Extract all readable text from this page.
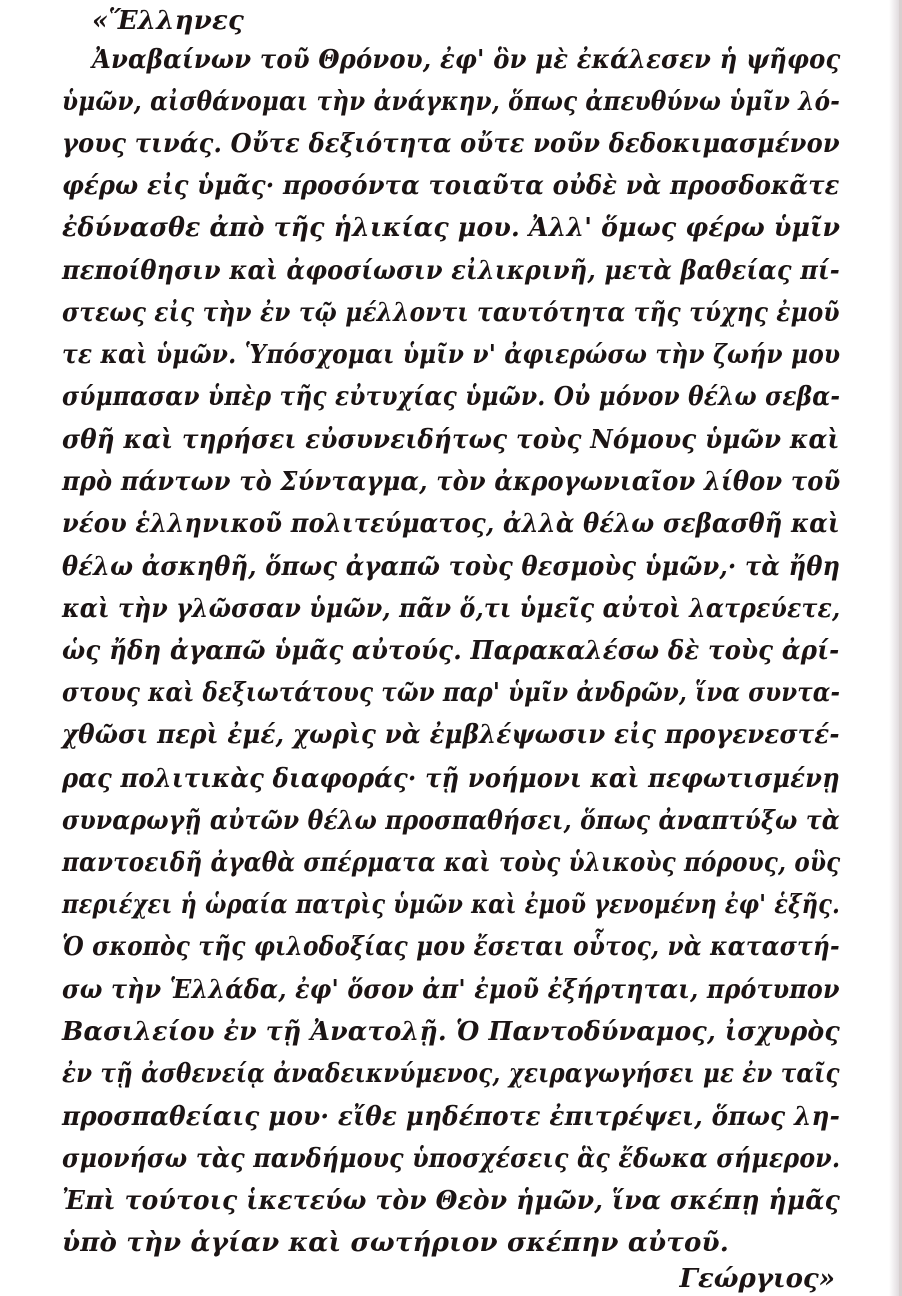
«Ἕλληνες
Ἀναβαίνων τοῦ Θρόνου, ἐφ' ὃν μὲ ἐκάλεσεν ἡ ψῆφος
ὑμῶν, αἰσθάνομαι τὴν ἀνάγκην, ὅπως ἀπευθύνω ὑμῖν λό-
γους τινάς. Οὔτε δεξιότητα οὔτε νοῦν δεδοκιμασμένον
φέρω εἰς ὑμᾶς· προσόντα τοιαῦτα οὐδὲ νὰ προσδοκᾶτε
ἐδύνασθε ἀπὸ τῆς ἡλικίας μου. Ἀλλ' ὅμως φέρω ὑμῖν
πεποίθησιν καὶ ἀφοσίωσιν εἰλικρινῆ, μετὰ βαθείας πί-
στεως εἰς τὴν ἐν τῷ μέλλοντι ταυτότητα τῆς τύχης ἐμοῦ
τε καὶ ὑμῶν. Ὑπόσχομαι ὑμῖν ν' ἀφιερώσω τὴν ζωήν μου
σύμπασαν ὑπὲρ τῆς εὐτυχίας ὑμῶν. Οὐ μόνον θέλω σεβα-
σθῆ καὶ τηρήσει εὐσυνειδήτως τοὺς Νόμους ὑμῶν καὶ
πρὸ πάντων τὸ Σύνταγμα, τὸν ἀκρογωνιαῖον λίθον τοῦ
νέου ἑλληνικοῦ πολιτεύματος, ἀλλὰ θέλω σεβασθῆ καὶ
θέλω ἀσκηθῆ, ὅπως ἀγαπῶ τοὺς θεσμοὺς ὑμῶν,· τὰ ἤθη
καὶ τὴν γλῶσσαν ὑμῶν, πᾶν ὅ,τι ὑμεῖς αὐτοὶ λατρεύετε,
ὡς ἤδη ἀγαπῶ ὑμᾶς αὐτούς. Παρακαλέσω δὲ τοὺς ἀρί-
στους καὶ δεξιωτάτους τῶν παρ' ὑμῖν ἀνδρῶν, ἵνα συντα-
χθῶσι περὶ ἐμέ, χωρὶς νὰ ἐμβλέψωσιν εἰς προγενεστέ-
ρας πολιτικὰς διαφοράς· τῇ νοήμονι καὶ πεφωτισμένῃ
συναρωγῇ αὐτῶν θέλω προσπαθήσει, ὅπως ἀναπτύξω τὰ
παντοειδῆ ἀγαθὰ σπέρματα καὶ τοὺς ὑλικοὺς πόρους, οὓς
περιέχει ἡ ὡραία πατρὶς ὑμῶν καὶ ἐμοῦ γενομένη ἐφ' ἑξῆς.
Ὁ σκοπὸς τῆς φιλοδοξίας μου ἔσεται οὗτος, νὰ καταστή-
σω τὴν Ἑλλάδα, ἐφ' ὅσον ἀπ' ἐμοῦ ἐξήρτηται, πρότυπον
Βασιλείου ἐν τῇ Ἀνατολῇ. Ὁ Παντοδύναμος, ἰσχυρὸς
ἐν τῇ ἀσθενείᾳ ἀναδεικνύμενος, χειραγωγήσει με ἐν ταῖς
προσπαθείαις μου· εἴθε μηδέποτε ἐπιτρέψει, ὅπως λη-
σμονήσω τὰς πανδήμους ὑποσχέσεις ἃς ἔδωκα σήμερον.
Ἐπὶ τούτοις ἱκετεύω τὸν Θεὸν ἡμῶν, ἵνα σκέπῃ ἡμᾶς
ὑπὸ τὴν ἁγίαν καὶ σωτήριον σκέπην αὐτοῦ.
Γεώργιος»
